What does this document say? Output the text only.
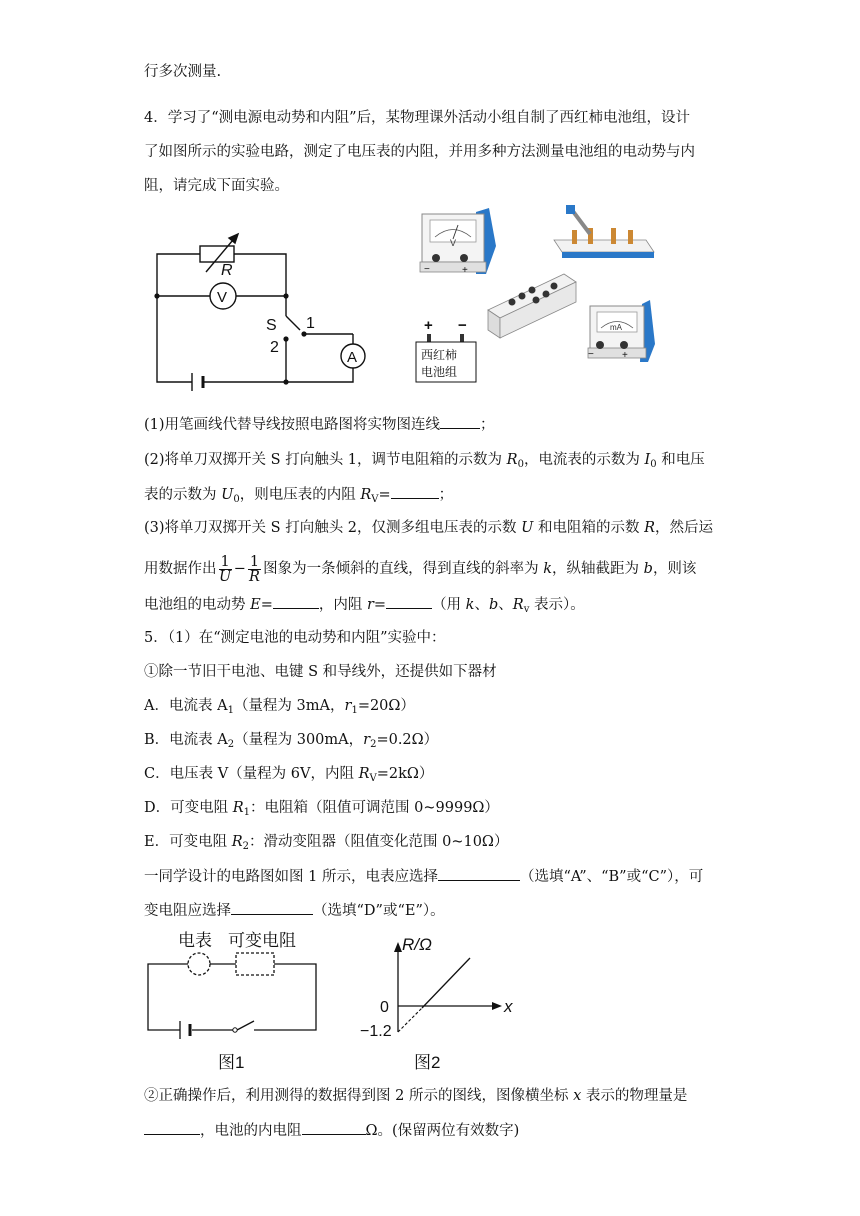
行多次测量.
4．学习了“测电源电动势和内阻”后，某物理课外活动小组自制了西红柿电池组，设计
了如图所示的实验电路，测定了电压表的内阻，并用多种方法测量电池组的电动势与内
阻，请完成下面实验。
R
V
S 1
2
A
V
−	+
mA
−	+
+ −
西红柿
电池组
(1)用笔画线代替导线按照电路图将实物图连线	；
(2)将单刀双掷开关 S 打向触头 1，调节电阻箱的示数为 $R_0$，电流表的示数为 $I_0$ 和电压
表的示数为 $U_0$，则电压表的内阻 $R_V=$	；
(3)将单刀双掷开关 S 打向触头 2，仅测多组电压表的示数 U 和电阻箱的示数 R，然后运
用数据作出 $\frac{1}{U} - \frac{1}{R}$ 图象为一条倾斜的直线，得到直线的斜率为 k，纵轴截距为 b，则该
电池组的电动势 E=	，内阻 r=	（用 k、b、$R_v$ 表示）。
5．（1）在“测定电池的电动势和内阻”实验中：
①除一节旧干电池、电键 S 和导线外，还提供如下器材
A．电流表 $A_1$（量程为 3mA，$r_1=20\Omega$）
B．电流表 $A_2$（量程为 300mA，$r_2=0.2\Omega$）
C．电压表 V（量程为 6V，内阻 $R_V=2k\Omega$）
D．可变电阻 $R_1$：电阻箱（阻值可调范围 0~9999Ω）
E．可变电阻 $R_2$：滑动变阻器（阻值变化范围 0~10Ω）
一同学设计的电路图如图 1 所示，电表应选择	（选填“A”、“B”或“C”），可
变电阻应选择	（选填“D”或“E”）。
电表 可变电阻
图1
R/Ω
x
0
−1.2
图2
②正确操作后，利用测得的数据得到图 2 所示的图线，图像横坐标 x 表示的物理量是
，电池的内电阻	Ω。(保留两位有效数字)
